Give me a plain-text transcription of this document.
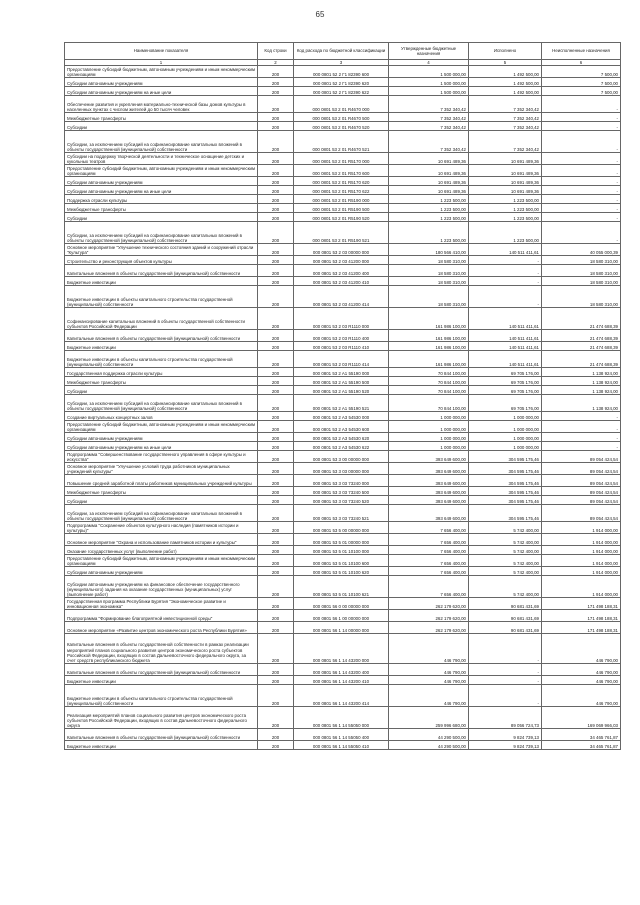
65
Наименование показателя	Код строки	Код расхода по бюджетной классификации	Утвержденные бюджетные назначения	Исполнено	Неисполненные назначения
1	2	3	4	5	6
Предоставление субсидий бюджетным, автономным учреждениям и иным некоммерческим организациям	200	000 0801 52 2 Г1 82390 600	1 500 000,00	1 492 500,00	7 500,00
Субсидии автономным учреждениям	200	000 0801 52 2 Г1 82390 620	1 500 000,00	1 492 500,00	7 500,00
Субсидии автономным учреждениям на иные цели	200	000 0801 52 2 Г1 82390 622	1 500 000,00	1 492 500,00	7 500,00
Обеспечение развития и укрепления материально-технической базы домов культуры в населенных пунктах с числом жителей до 50 тысяч человек	200	000 0801 53 2 01 R4670 000	7 352 340,42	7 352 340,42	-
Межбюджетные трансферты	200	000 0801 53 2 01 R4670 500	7 352 340,42	7 352 340,42	-
Субсидии	200	000 0801 53 2 01 R4670 520	7 352 340,42	7 352 340,42	-
Субсидии, за исключением субсидий на софинансирование капитальных вложений в объекты государственной (муниципальной) собственности	200	000 0801 53 2 01 R4670 521	7 352 340,42	7 352 340,42	-
Субсидии на поддержку творческой деятельности и техническое оснащение детских и кукольных театров	200	000 0801 53 2 01 R5170 000	10 691 489,36	10 691 489,36	-
Предоставление субсидий бюджетным, автономным учреждениям и иным некоммерческим организациям	200	000 0801 53 2 01 R5170 600	10 691 489,36	10 691 489,36	-
Субсидии автономным учреждениям	200	000 0801 53 2 01 R5170 620	10 691 489,36	10 691 489,36	-
Субсидии автономным учреждениям на иные цели	200	000 0801 53 2 01 R5170 622	10 691 489,36	10 691 489,36	-
Поддержка отрасли культуры	200	000 0801 53 2 01 R5190 000	1 223 500,00	1 223 500,00	-
Межбюджетные трансферты	200	000 0801 53 2 01 R5190 500	1 223 500,00	1 223 500,00	-
Субсидии	200	000 0801 53 2 01 R5190 520	1 223 500,00	1 223 500,00	-
Субсидии, за исключением субсидий на софинансирование капитальных вложений в объекты государственной (муниципальной) собственности	200	000 0801 53 2 01 R5190 521	1 223 500,00	1 223 500,00	-
Основное мероприятие "Улучшение технического состояния зданий и сооружений отрасли "Культура"	200	000 0801 53 2 03 00000 000	180 566 410,00	140 511 411,61	40 055 000,39
Строительство и реконструкция объектов культуры	200	000 0801 53 2 03 41200 000	18 580 310,00	-	18 580 310,00
Капитальные вложения в объекты государственной (муниципальной) собственности	200	000 0801 53 2 03 41200 400	18 580 310,00	-	18 580 310,00
Бюджетные инвестиции	200	000 0801 53 2 03 41200 410	18 580 310,00	-	18 580 310,00
Бюджетные инвестиции в объекты капитального строительства государственной (муниципальной) собственности	200	000 0801 53 2 03 41200 414	18 580 310,00	-	18 580 310,00
Софинансирование капитальных вложений в объекты государственной собственности субъектов Российской Федерации	200	000 0801 53 2 03 R1110 000	161 986 100,00	140 511 411,61	21 474 688,39
Капитальные вложения в объекты государственной (муниципальной) собственности	200	000 0801 53 2 03 R1110 400	161 986 100,00	140 511 411,61	21 474 688,39
Бюджетные инвестиции	200	000 0801 53 2 03 R1110 410	161 986 100,00	140 511 411,61	21 474 688,39
Бюджетные инвестиции в объекты капитального строительства государственной (муниципальной) собственности	200	000 0801 53 2 03 R1110 414	161 986 100,00	140 511 411,61	21 474 688,39
Государственная поддержка отрасли культуры	200	000 0801 53 2 A1 55190 000	70 844 100,00	69 705 176,00	1 138 924,00
Межбюджетные трансферты	200	000 0801 53 2 A1 55190 500	70 844 100,00	69 705 176,00	1 138 924,00
Субсидии	200	000 0801 53 2 A1 55190 520	70 844 100,00	69 705 176,00	1 138 924,00
Субсидии, за исключением субсидий на софинансирование капитальных вложений в объекты государственной (муниципальной) собственности	200	000 0801 53 2 A1 55190 521	70 844 100,00	69 705 176,00	1 138 924,00
Создание виртуальных концертных залов	200	000 0801 53 2 A3 54530 000	1 000 000,00	1 000 000,00	-
Предоставление субсидий бюджетным, автономным учреждениям и иным некоммерческим организациям	200	000 0801 53 2 A3 54530 600	1 000 000,00	1 000 000,00	-
Субсидии автономным учреждениям	200	000 0801 53 2 A3 54530 620	1 000 000,00	1 000 000,00	-
Субсидии автономным учреждениям на иные цели	200	000 0801 53 2 A3 54530 622	1 000 000,00	1 000 000,00	-
Подпрограмма "Совершенствование государственного управления в сфере культуры и искусства"	200	000 0801 53 3 00 00000 000	393 649 600,00	304 595 175,46	89 054 424,54
Основное мероприятие "Улучшение условий труда работников муниципальных учреждений культуры"	200	000 0801 53 3 03 00000 000	393 649 600,00	304 595 175,46	89 054 424,54
Повышение средней заработной платы работников муниципальных учреждений культуры	200	000 0801 53 3 03 73240 000	393 649 600,00	304 595 175,46	89 054 424,54
Межбюджетные трансферты	200	000 0801 53 3 03 73240 500	393 649 600,00	304 595 175,46	89 054 424,54
Субсидии	200	000 0801 53 3 03 73240 520	393 649 600,00	304 595 175,46	89 054 424,54
Субсидии, за исключением субсидий на софинансирование капитальных вложений в объекты государственной (муниципальной) собственности	200	000 0801 53 3 03 73240 521	393 649 600,00	304 595 175,46	89 054 424,54
Подпрограмма "Сохранение объектов культурного наследия (памятников истории и культуры)"	200	000 0801 53 5 00 00000 000	7 656 400,00	5 742 400,00	1 914 000,00
Основное мероприятие "Охрана и использование памятников истории и культуры"	200	000 0801 53 5 01 00000 000	7 656 400,00	5 742 400,00	1 914 000,00
Оказание государственных услуг (выполнение работ)	200	000 0801 53 5 01 10100 000	7 656 400,00	5 742 400,00	1 914 000,00
Предоставление субсидий бюджетным, автономным учреждениям и иным некоммерческим организациям	200	000 0801 53 5 01 10100 600	7 656 400,00	5 742 400,00	1 914 000,00
Субсидии автономным учреждениям	200	000 0801 53 5 01 10100 620	7 656 400,00	5 742 400,00	1 914 000,00
Субсидии автономным учреждениям на финансовое обеспечение государственного (муниципального) задания на оказание государственных (муниципальных) услуг (выполнение работ)	200	000 0801 53 5 01 10100 621	7 656 400,00	5 742 400,00	1 914 000,00
Государственная программа Республики Бурятия "Экономическое развитие и инновационная экономика"	200	000 0801 56 0 00 00000 000	262 179 620,00	90 681 431,69	171 498 188,31
Подпрограмма "Формирование благоприятной инвестиционной среды"	200	000 0801 56 1 00 00000 000	262 179 620,00	90 681 431,69	171 498 188,31
Основное мероприятие «Развитие центров экономического роста Республики Бурятия»	200	000 0801 56 1 14 00000 000	262 179 620,00	90 681 431,69	171 498 188,31
Капитальные вложения в объекты государственной собственности в рамках реализации мероприятий планов социального развития центров экономического роста субъектов Российской Федерации, входящих в состав Дальневосточного федерального округа, за счет средств республиканского бюджета	200	000 0801 56 1 14 43200 000	446 790,00	-	446 790,00
Капитальные вложения в объекты государственной (муниципальной) собственности	200	000 0801 56 1 14 43200 400	446 790,00	-	446 790,00
Бюджетные инвестиции	200	000 0801 56 1 14 43200 410	446 790,00	-	446 790,00
Бюджетные инвестиции в объекты капитального строительства государственной (муниципальной) собственности	200	000 0801 56 1 14 43200 414	446 790,00	-	446 790,00
Реализация мероприятий планов социального развития центров экономического роста субъектов Российской Федерации, входящих в состав Дальневосточного федерального округа	200	000 0801 56 1 14 55050 000	259 996 680,00	89 056 724,73	169 069 966,03
Капитальные вложения в объекты государственной (муниципальной) собственности	200	000 0801 56 1 14 55050 400	44 290 500,00	9 824 739,13	34 465 761,87
Бюджетные инвестиции	200	000 0801 56 1 14 55050 410	44 290 500,00	9 824 739,13	34 465 761,87
